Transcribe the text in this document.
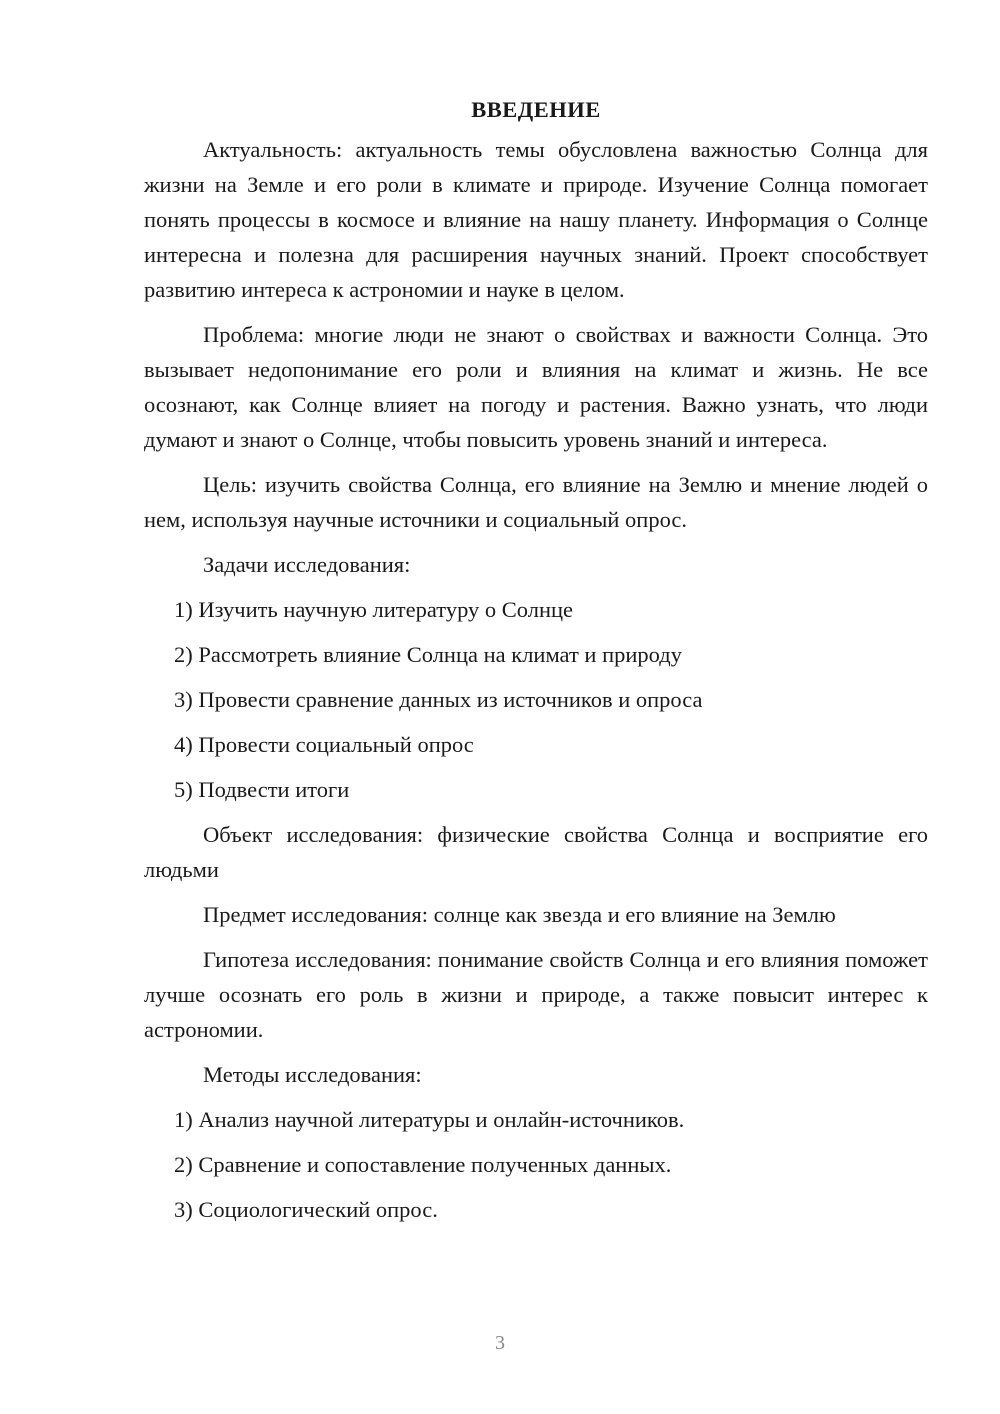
ВВЕДЕНИЕ

Актуальность: актуальность темы обусловлена важностью Солнца для жизни на Земле и его роли в климате и природе. Изучение Солнца помогает понять процессы в космосе и влияние на нашу планету. Информация о Солнце интересна и полезна для расширения научных знаний. Проект способствует развитию интереса к астрономии и науке в целом.

Проблема: многие люди не знают о свойствах и важности Солнца. Это вызывает недопонимание его роли и влияния на климат и жизнь. Не все осознают, как Солнце влияет на погоду и растения. Важно узнать, что люди думают и знают о Солнце, чтобы повысить уровень знаний и интереса.

Цель: изучить свойства Солнца, его влияние на Землю и мнение людей о нем, используя научные источники и социальный опрос.

Задачи исследования:

1) Изучить научную литературу о Солнце
2) Рассмотреть влияние Солнца на климат и природу
3) Провести сравнение данных из источников и опроса
4) Провести социальный опрос
5) Подвести итоги

Объект исследования: физические свойства Солнца и восприятие его людьми

Предмет исследования: солнце как звезда и его влияние на Землю

Гипотеза исследования: понимание свойств Солнца и его влияния поможет лучше осознать его роль в жизни и природе, а также повысит интерес к астрономии.

Методы исследования:

1) Анализ научной литературы и онлайн-источников.
2) Сравнение и сопоставление полученных данных.
3) Социологический опрос.
3
